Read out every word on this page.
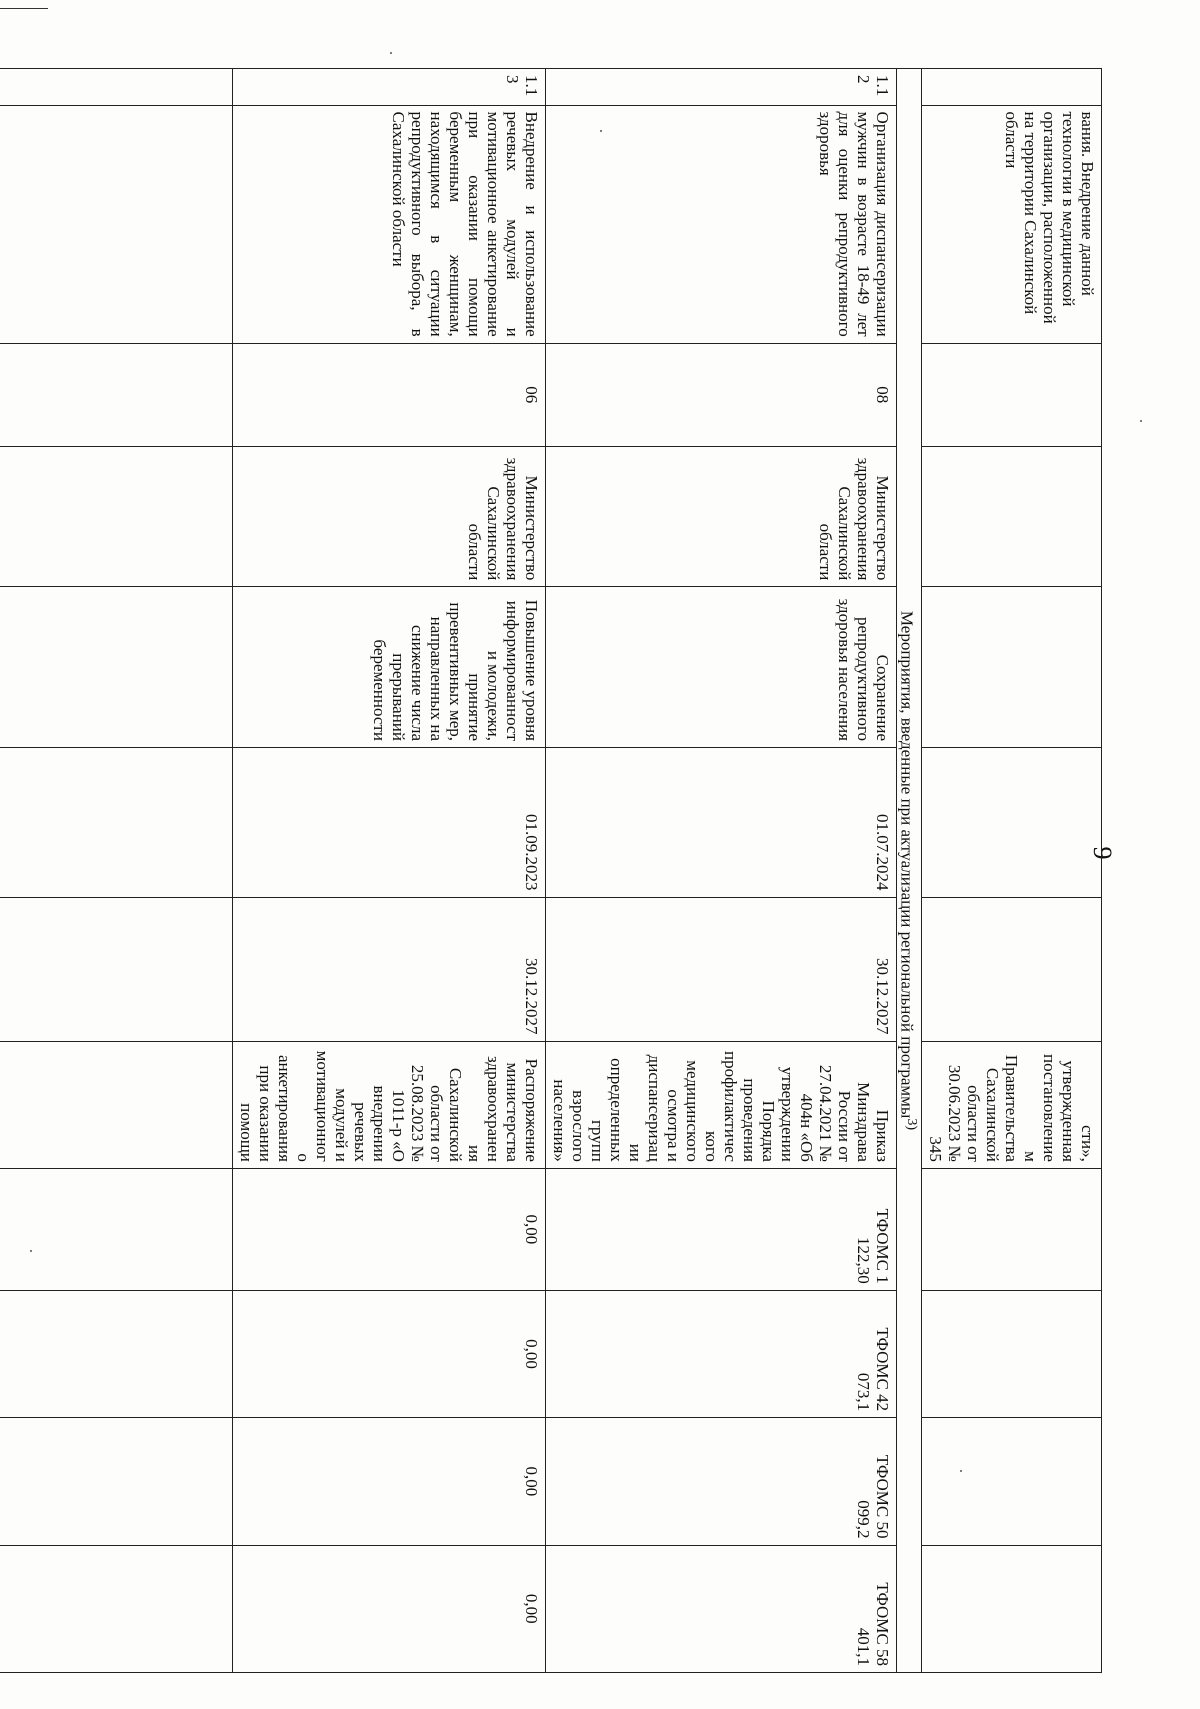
9
	вания. Внедрение данной технологии в медицинской организации, расположенной на территории Сахалинской области						сти», утвержденная постановлением Правительства Сахалинской области от 30.06.2023 № 345				
Мероприятия, введенные при актуализации региональной программы$^{3)}$
1.12	Организация диспансеризации мужчин в возрасте 18-49 лет для оценки репродуктивного здоровья	08	Министерство здравоохранения Сахалинской области	Сохранение репродуктивного здоровья населения	01.07.2024	30.12.2027	Приказ Минздрава России от 27.04.2021 № 404н «Об утверждении Порядка проведения профилактического медицинского осмотра и диспансеризации определенных групп взрослого населения»	ТФОМС 1 122,30	ТФОМС 42 073,1	ТФОМС 50 099,2	ТФОМС 58 401,1
1.13	Внедрение и использование речевых модулей и мотивационное анкетирование при оказании помощи беременным женщинам, находящимся в ситуации репродуктивного выбора, в Сахалинской области	06	Министерство здравоохранения Сахалинской области	Повышение уровня информированности молодежи, принятие превентивных мер, направленных на снижение числа прерываний беременности	01.09.2023	30.12.2027	Распоряжение министерства здравоохранения Сахалинской области от 25.08.2023 № 1011-р «О внедрении речевых модулей и мотивационного анкетирования при оказании помощи	0,00	0,00	0,00	0,00
